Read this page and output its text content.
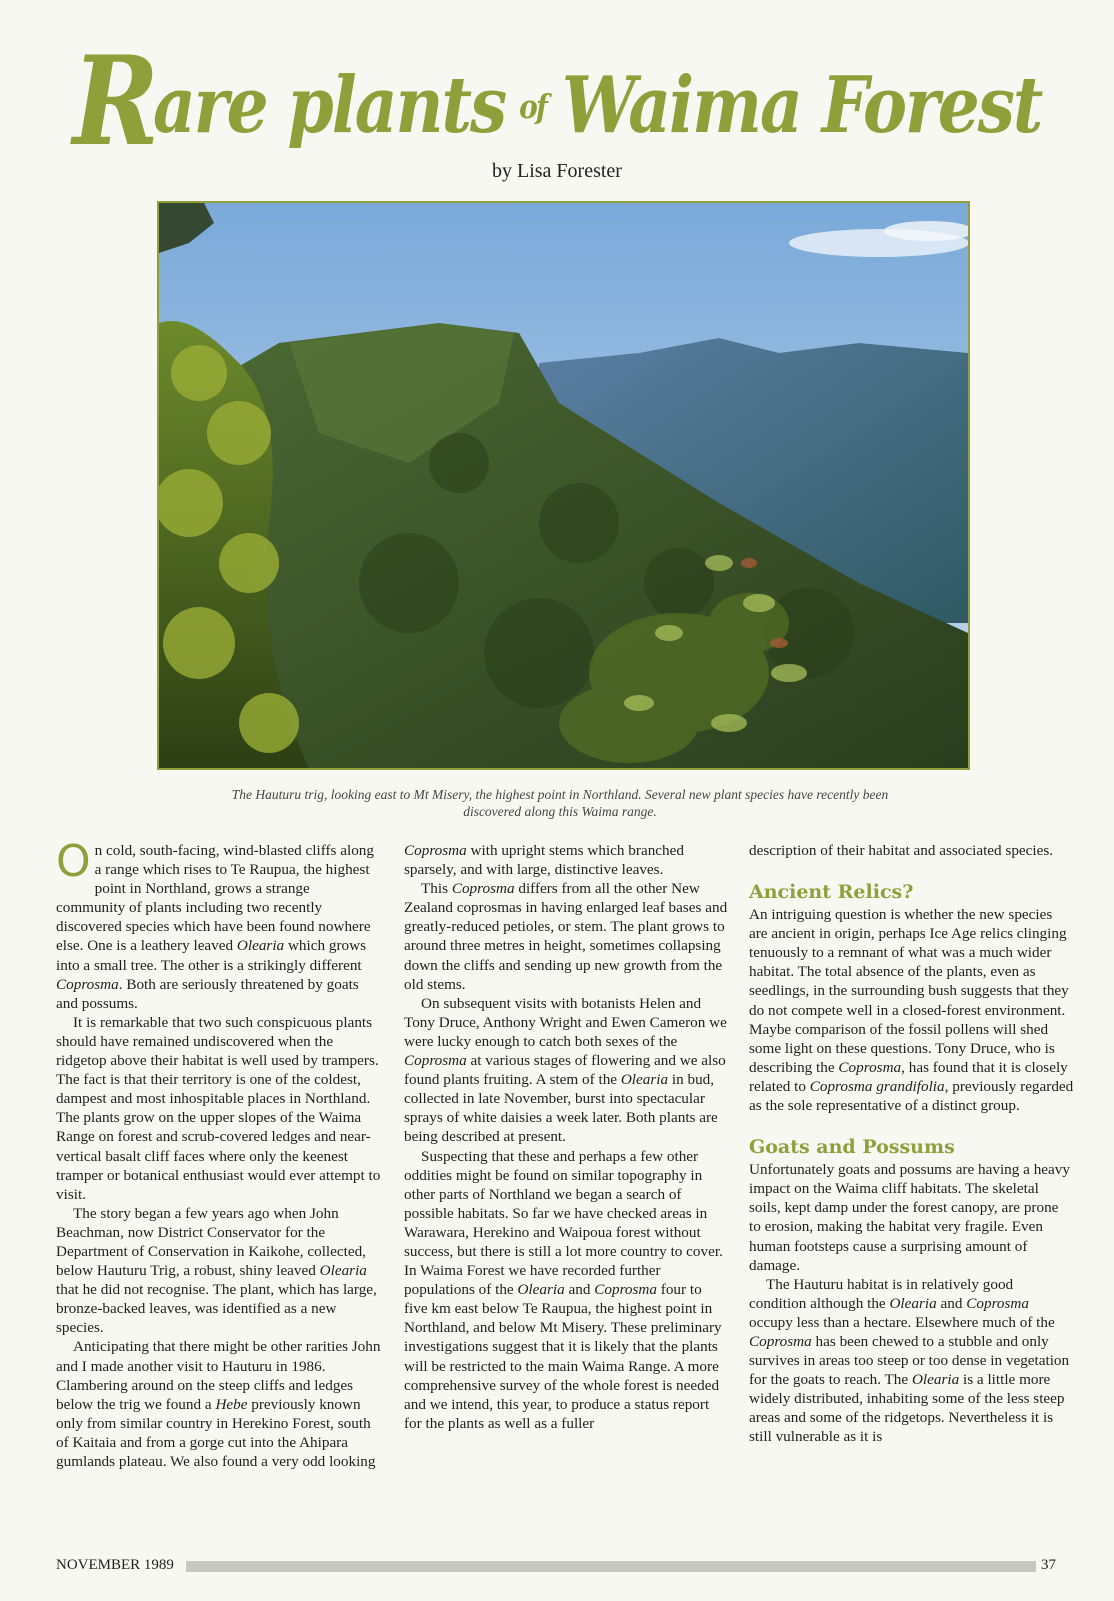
Rare plants of Waima Forest
by Lisa Forester
The Hauturu trig, looking east to Mt Misery, the highest point in Northland. Several new plant species have recently been discovered along this Waima range.

On cold, south-facing, wind-blasted cliffs along a range which rises to Te Raupua, the highest point in Northland, grows a strange community of plants including two recently discovered species which have been found nowhere else. One is a leathery leaved Olearia which grows into a small tree. The other is a strikingly different Coprosma. Both are seriously threatened by goats and possums.

It is remarkable that two such conspicuous plants should have remained undiscovered when the ridgetop above their habitat is well used by trampers. The fact is that their territory is one of the coldest, dampest and most inhospitable places in Northland. The plants grow on the upper slopes of the Waima Range on forest and scrub-covered ledges and near-vertical basalt cliff faces where only the keenest tramper or botanical enthusiast would ever attempt to visit.

The story began a few years ago when John Beachman, now District Conservator for the Department of Conservation in Kaikohe, collected, below Hauturu Trig, a robust, shiny leaved Olearia that he did not recognise. The plant, which has large, bronze-backed leaves, was identified as a new species.

Anticipating that there might be other rarities John and I made another visit to Hauturu in 1986. Clambering around on the steep cliffs and ledges below the trig we found a Hebe previously known only from similar country in Herekino Forest, south of Kaitaia and from a gorge cut into the Ahipara gumlands plateau. We also found a very odd looking

Coprosma with upright stems which branched sparsely, and with large, distinctive leaves.

This Coprosma differs from all the other New Zealand coprosmas in having enlarged leaf bases and greatly-reduced petioles, or stem. The plant grows to around three metres in height, sometimes collapsing down the cliffs and sending up new growth from the old stems.

On subsequent visits with botanists Helen and Tony Druce, Anthony Wright and Ewen Cameron we were lucky enough to catch both sexes of the Coprosma at various stages of flowering and we also found plants fruiting. A stem of the Olearia in bud, collected in late November, burst into spectacular sprays of white daisies a week later. Both plants are being described at present.

Suspecting that these and perhaps a few other oddities might be found on similar topography in other parts of Northland we began a search of possible habitats. So far we have checked areas in Warawara, Herekino and Waipoua forest without success, but there is still a lot more country to cover.

In Waima Forest we have recorded further populations of the Olearia and Coprosma four to five km east below Te Raupua, the highest point in Northland, and below Mt Misery. These preliminary investigations suggest that it is likely that the plants will be restricted to the main Waima Range. A more comprehensive survey of the whole forest is needed and we intend, this year, to produce a status report for the plants as well as a fuller

description of their habitat and associated species.

Ancient Relics?

An intriguing question is whether the new species are ancient in origin, perhaps Ice Age relics clinging tenuously to a remnant of what was a much wider habitat. The total absence of the plants, even as seedlings, in the surrounding bush suggests that they do not compete well in a closed-forest environment. Maybe comparison of the fossil pollens will shed some light on these questions. Tony Druce, who is describing the Coprosma, has found that it is closely related to Coprosma grandifolia, previously regarded as the sole representative of a distinct group.

Goats and Possums

Unfortunately goats and possums are having a heavy impact on the Waima cliff habitats. The skeletal soils, kept damp under the forest canopy, are prone to erosion, making the habitat very fragile. Even human footsteps cause a surprising amount of damage.

The Hauturu habitat is in relatively good condition although the Olearia and Coprosma occupy less than a hectare. Elsewhere much of the Coprosma has been chewed to a stubble and only survives in areas too steep or too dense in vegetation for the goats to reach. The Olearia is a little more widely distributed, inhabiting some of the less steep areas and some of the ridgetops. Nevertheless it is still vulnerable as it is

NOVEMBER 1989	37
